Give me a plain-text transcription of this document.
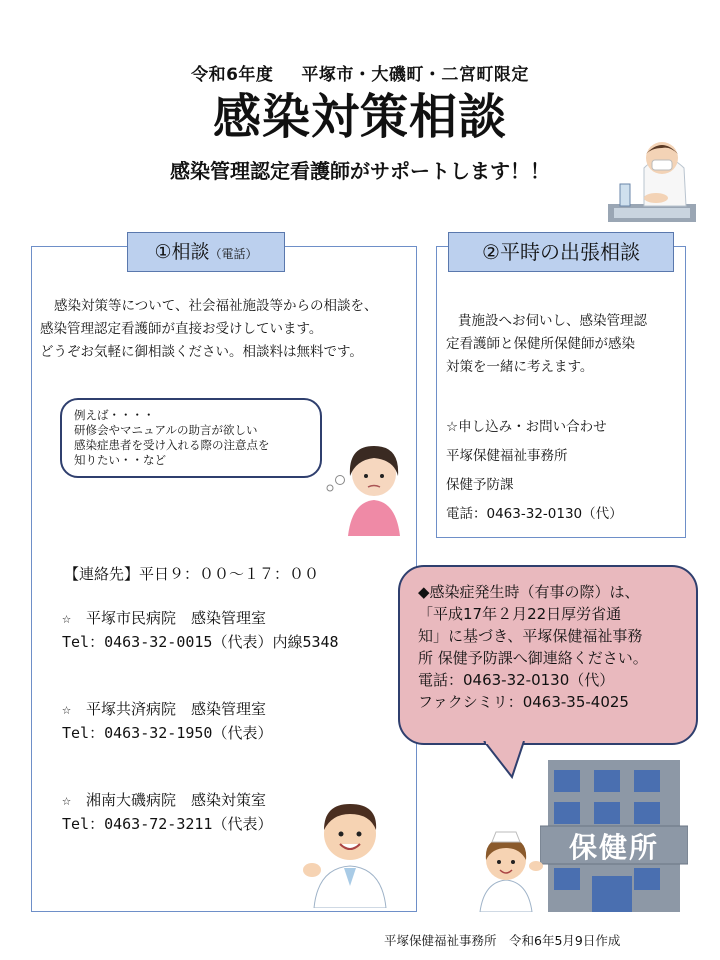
令和6年度 平塚市・大磯町・二宮町限定
感染対策相談
感染管理認定看護師がサポートします！！
①相談（電話）
感染対策等について、社会福祉施設等からの相談を、
感染管理認定看護師が直接お受けしています。
どうぞお気軽に御相談ください。相談料は無料です。
例えば・・・・
研修会やマニュアルの助言が欲しい
感染症患者を受け入れる際の注意点を
知りたい・・など
【連絡先】平日９：００～１７：００
☆　平塚市民病院　感染管理室
Tel：0463-32-0015（代表）内線5348
☆　平塚共済病院　感染管理室
Tel：0463-32-1950（代表）
☆　湘南大磯病院　感染対策室
Tel：0463-72-3211（代表）
②平時の出張相談
貴施設へお伺いし、感染管理認
定看護師と保健所保健師が感染
対策を一緒に考えます。
☆申し込み・お問い合わせ
平塚保健福祉事務所
保健予防課
電話：0463-32-0130（代）
◆感染症発生時（有事の際）は、
「平成17年２月22日厚労省通
知」に基づき、平塚保健福祉事務
所 保健予防課へ御連絡ください。
電話：0463-32-0130（代）
ファクシミリ：0463-35-4025
保健所
平塚保健福祉事務所　令和6年5月9日作成
